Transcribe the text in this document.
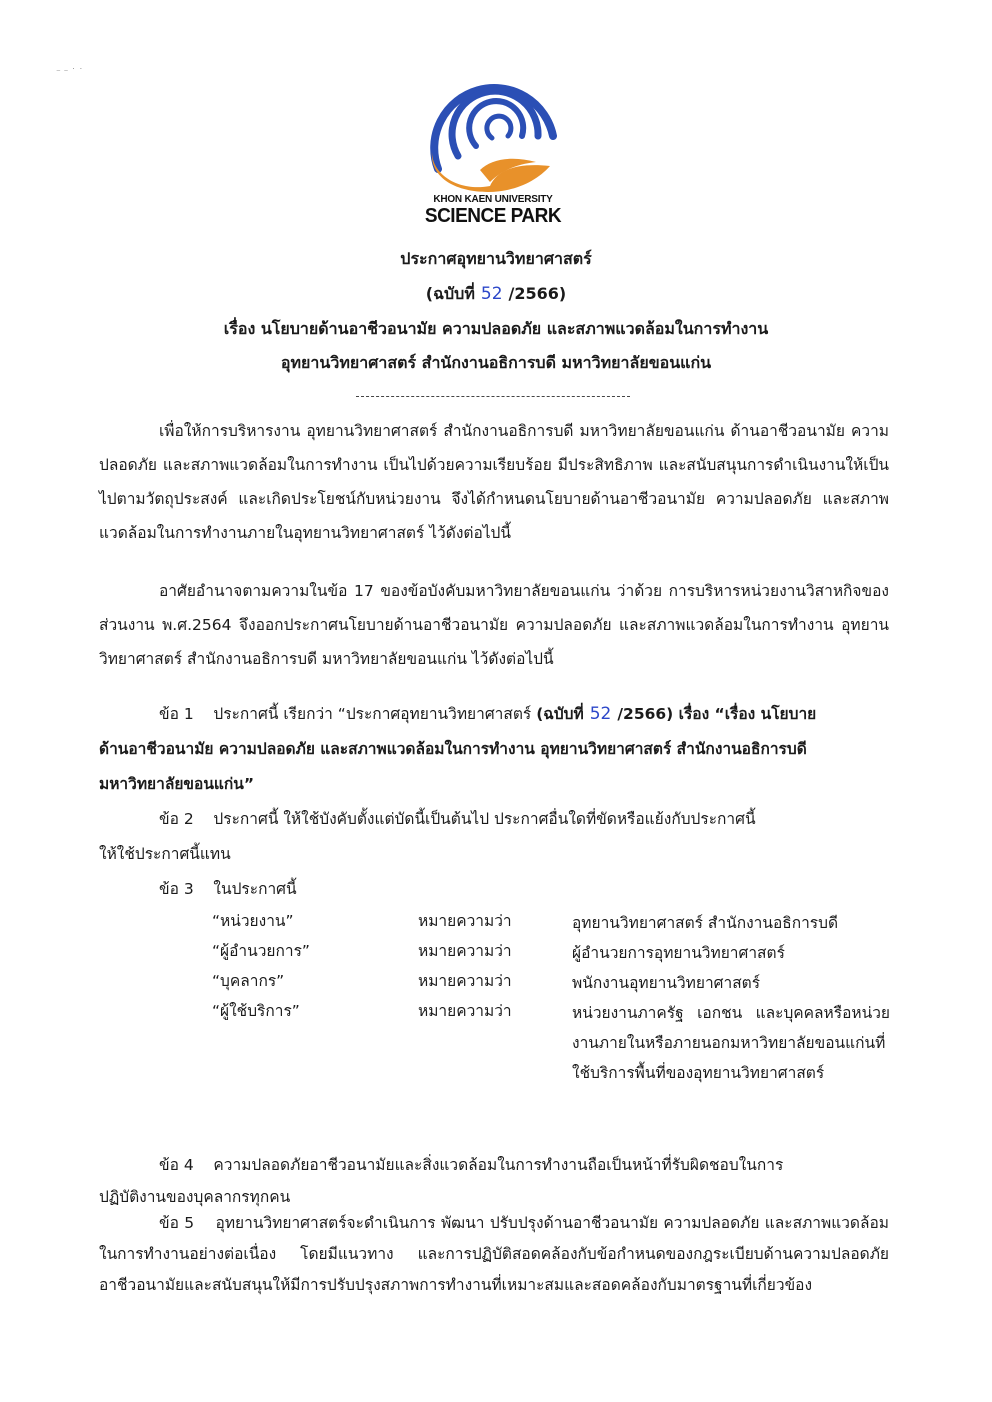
⁻ ⁻ ˙ ˙
KHON KAEN UNIVERSITY
SCIENCE PARK
ประกาศอุทยานวิทยาศาสตร์
(ฉบับที่ 52 /2566)
เรื่อง นโยบายด้านอาชีวอนามัย ความปลอดภัย และสภาพแวดล้อมในการทำงาน
อุทยานวิทยาศาสตร์ สำนักงานอธิการบดี มหาวิทยาลัยขอนแก่น
เพื่อให้การบริหารงาน อุทยานวิทยาศาสตร์ สำนักงานอธิการบดี มหาวิทยาลัยขอนแก่น ด้านอาชีวอนามัย ความปลอดภัย และสภาพแวดล้อมในการทำงาน เป็นไปด้วยความเรียบร้อย มีประสิทธิภาพ และสนับสนุนการดำเนินงานให้เป็นไปตามวัตถุประสงค์ และเกิดประโยชน์กับหน่วยงาน จึงได้กำหนดนโยบายด้านอาชีวอนามัย ความปลอดภัย และสภาพแวดล้อมในการทำงานภายในอุทยานวิทยาศาสตร์ ไว้ดังต่อไปนี้
อาศัยอำนาจตามความในข้อ 17 ของข้อบังคับมหาวิทยาลัยขอนแก่น ว่าด้วย การบริหารหน่วยงานวิสาหกิจของส่วนงาน พ.ศ.2564 จึงออกประกาศนโยบายด้านอาชีวอนามัย ความปลอดภัย และสภาพแวดล้อมในการทำงาน อุทยานวิทยาศาสตร์ สำนักงานอธิการบดี มหาวิทยาลัยขอนแก่น ไว้ดังต่อไปนี้
ข้อ 1 ประกาศนี้ เรียกว่า “ประกาศอุทยานวิทยาศาสตร์ (ฉบับที่ 52 /2566) เรื่อง “เรื่อง นโยบาย
ด้านอาชีวอนามัย ความปลอดภัย และสภาพแวดล้อมในการทำงาน อุทยานวิทยาศาสตร์ สำนักงานอธิการบดี
มหาวิทยาลัยขอนแก่น”
ข้อ 2 ประกาศนี้ ให้ใช้บังคับตั้งแต่บัดนี้เป็นต้นไป ประกาศอื่นใดที่ขัดหรือแย้งกับประกาศนี้
ให้ใช้ประกาศนี้แทน
ข้อ 3 ในประกาศนี้
“หน่วยงาน”	หมายความว่า	อุทยานวิทยาศาสตร์ สำนักงานอธิการบดี
“ผู้อำนวยการ”	หมายความว่า	ผู้อำนวยการอุทยานวิทยาศาสตร์
“บุคลากร”	หมายความว่า	พนักงานอุทยานวิทยาศาสตร์
“ผู้ใช้บริการ”	หมายความว่า	หน่วยงานภาครัฐ เอกชน และบุคคลหรือหน่วยงานภายในหรือภายนอกมหาวิทยาลัยขอนแก่นที่ใช้บริการพื้นที่ของอุทยานวิทยาศาสตร์
ข้อ 4 ความปลอดภัยอาชีวอนามัยและสิ่งแวดล้อมในการทำงานถือเป็นหน้าที่รับผิดชอบในการ
ปฏิบัติงานของบุคลากรทุกคน
ข้อ 5 อุทยานวิทยาศาสตร์จะดำเนินการ พัฒนา ปรับปรุงด้านอาชีวอนามัย ความปลอดภัย และสภาพแวดล้อมในการทำงานอย่างต่อเนื่อง โดยมีแนวทาง และการปฏิบัติสอดคล้องกับข้อกำหนดของกฎระเบียบด้านความปลอดภัย อาชีวอนามัยและสนับสนุนให้มีการปรับปรุงสภาพการทำงานที่เหมาะสมและสอดคล้องกับมาตรฐานที่เกี่ยวข้อง
